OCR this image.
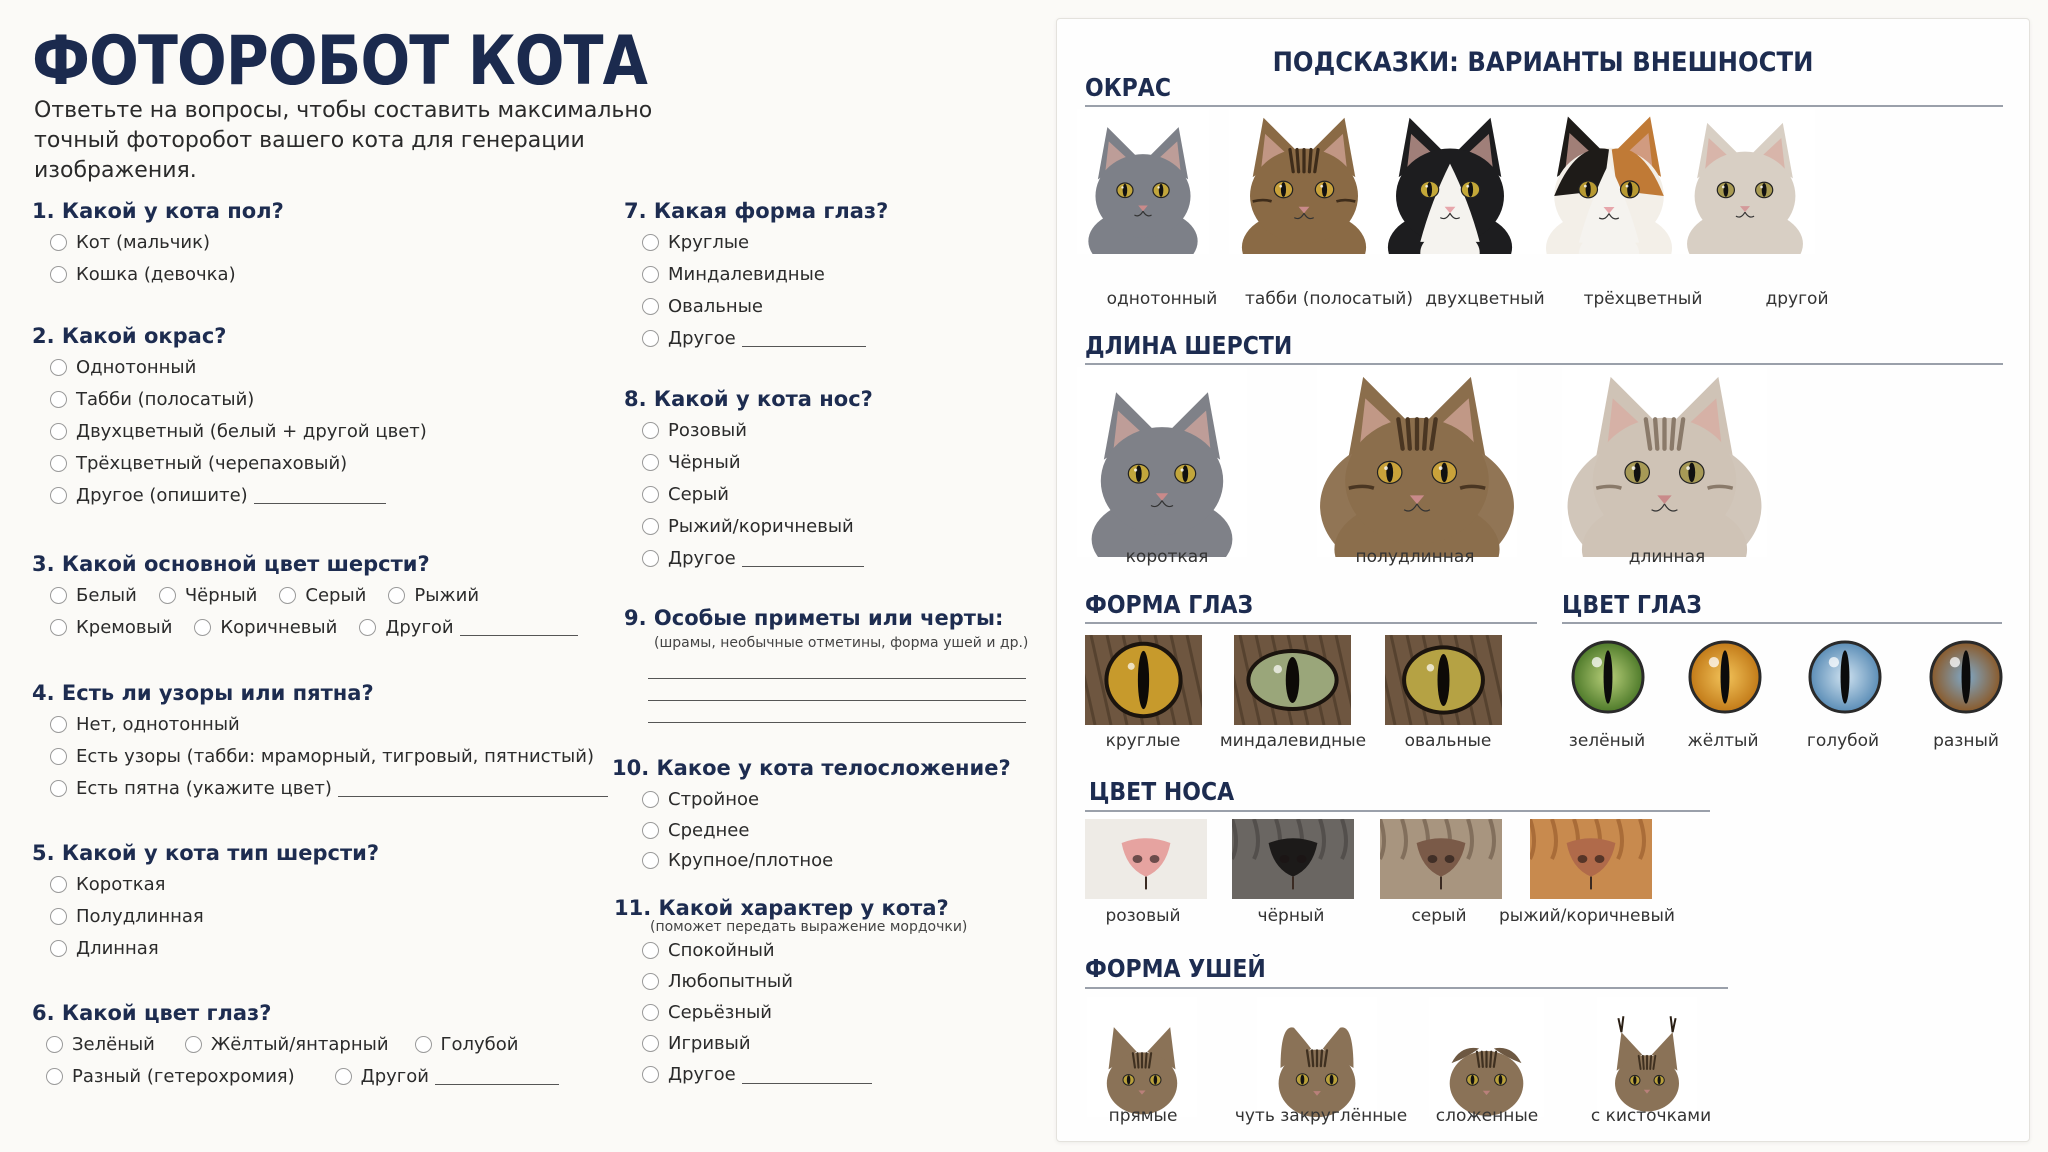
ФОТОРОБОТ КОТА
Ответьте на вопросы, чтобы составить максимально точный фоторобот вашего кота для генерации изображения.
1. Какой у кота пол?
Кот (мальчик)
Кошка (девочка)
2. Какой окрас?
Однотонный
Табби (полосатый)
Двухцветный (белый + другой цвет)
Трёхцветный (черепаховый)
Другое (опишите)
3. Какой основной цвет шерсти?
Белый	Чёрный	Серый	Рыжий
Кремовый	Коричневый	Другой
4. Есть ли узоры или пятна?
Нет, однотонный
Есть узоры (табби: мраморный, тигровый, пятнистый)
Есть пятна (укажите цвет)
5. Какой у кота тип шерсти?
Короткая
Полудлинная
Длинная
6. Какой цвет глаз?
Зелёный	Жёлтый/янтарный	Голубой
Разный (гетерохромия)	Другой
7. Какая форма глаз?
Круглые
Миндалевидные
Овальные
Другое
8. Какой у кота нос?
Розовый
Чёрный
Серый
Рыжий/коричневый
Другое
9. Особые приметы или черты:
(шрамы, необычные отметины, форма ушей и др.)
10. Какое у кота телосложение?
Стройное
Среднее
Крупное/плотное
11. Какой характер у кота?
(поможет передать выражение мордочки)
Спокойный
Любопытный
Серьёзный
Игривый
Другое
ПОДСКАЗКИ: ВАРИАНТЫ ВНЕШНОСТИ
ОКРАС
ДЛИНА ШЕРСТИ
ФОРМА ГЛАЗ	ЦВЕТ ГЛАЗ
ЦВЕТ НОСА
ФОРМА УШЕЙ
однотонный табби (полосатый) двухцветный трёхцветный	другой
короткая	полудлинная	длинная
круглые миндалевидные овальные	зелёный жёлтый	голубой	разный
розовый	чёрный	серый рыжий/коричневый
прямые	чуть закруглённые сложенные	с кисточками
